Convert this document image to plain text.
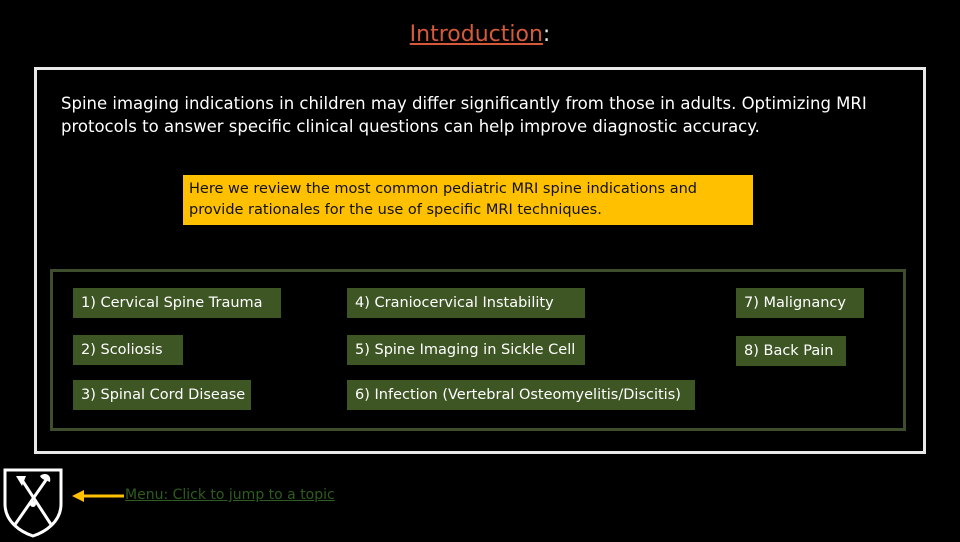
Introduction:
Spine imaging indications in children may differ significantly from those in adults. Optimizing MRI protocols to answer specific clinical questions can help improve diagnostic accuracy.
Here we review the most common pediatric MRI spine indications and provide rationales for the use of specific MRI techniques.
1) Cervical Spine Trauma
2) Scoliosis
3) Spinal Cord Disease
4) Craniocervical Instability
5) Spine Imaging in Sickle Cell
6) Infection (Vertebral Osteomyelitis/Discitis)
7) Malignancy
8) Back Pain
Menu: Click to jump to a topic
